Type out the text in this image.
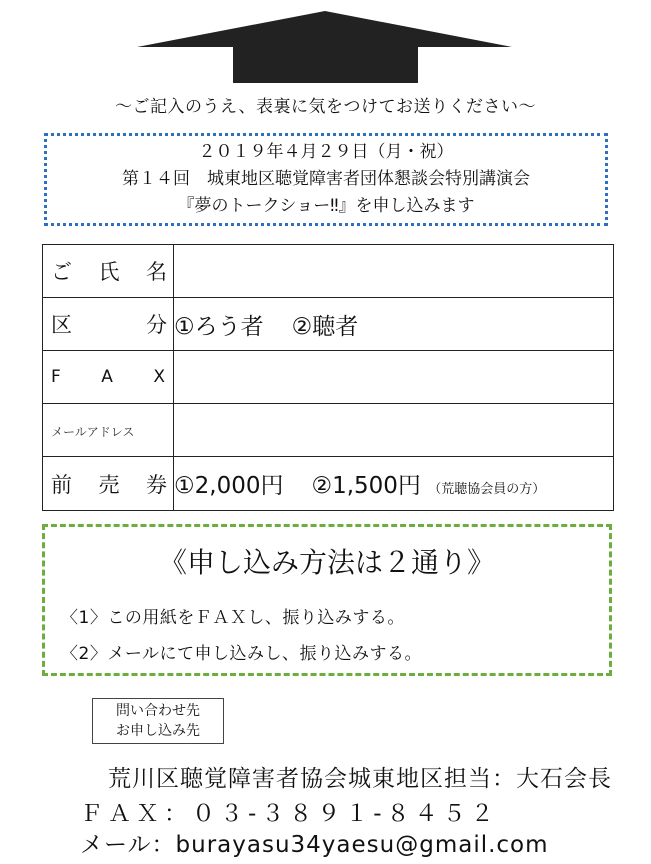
〜ご記入のうえ、表裏に気をつけてお送りください〜
２０１９年４月２９日（月・祝）
第１４回　城東地区聴覚障害者団体懇談会特別講演会
『夢のトークショー‼』を申し込みます
ご 氏 名	

区 分	①ろう者 ②聴者

F A X	

メールアドレス	

前 売 券	①2,000円 ②1,500円 （荒聴協会員の方）
《申し込み方法は２通り》
〈1〉この用紙をＦＡＸし、振り込みする。
〈2〉メールにて申し込みし、振り込みする。
問い合わせ先
お申し込み先
荒川区聴覚障害者協会城東地区担当：大石会長
ＦＡＸ：０３-３８９１-８４５２
メール：burayasu34yaesu@gmail.com
